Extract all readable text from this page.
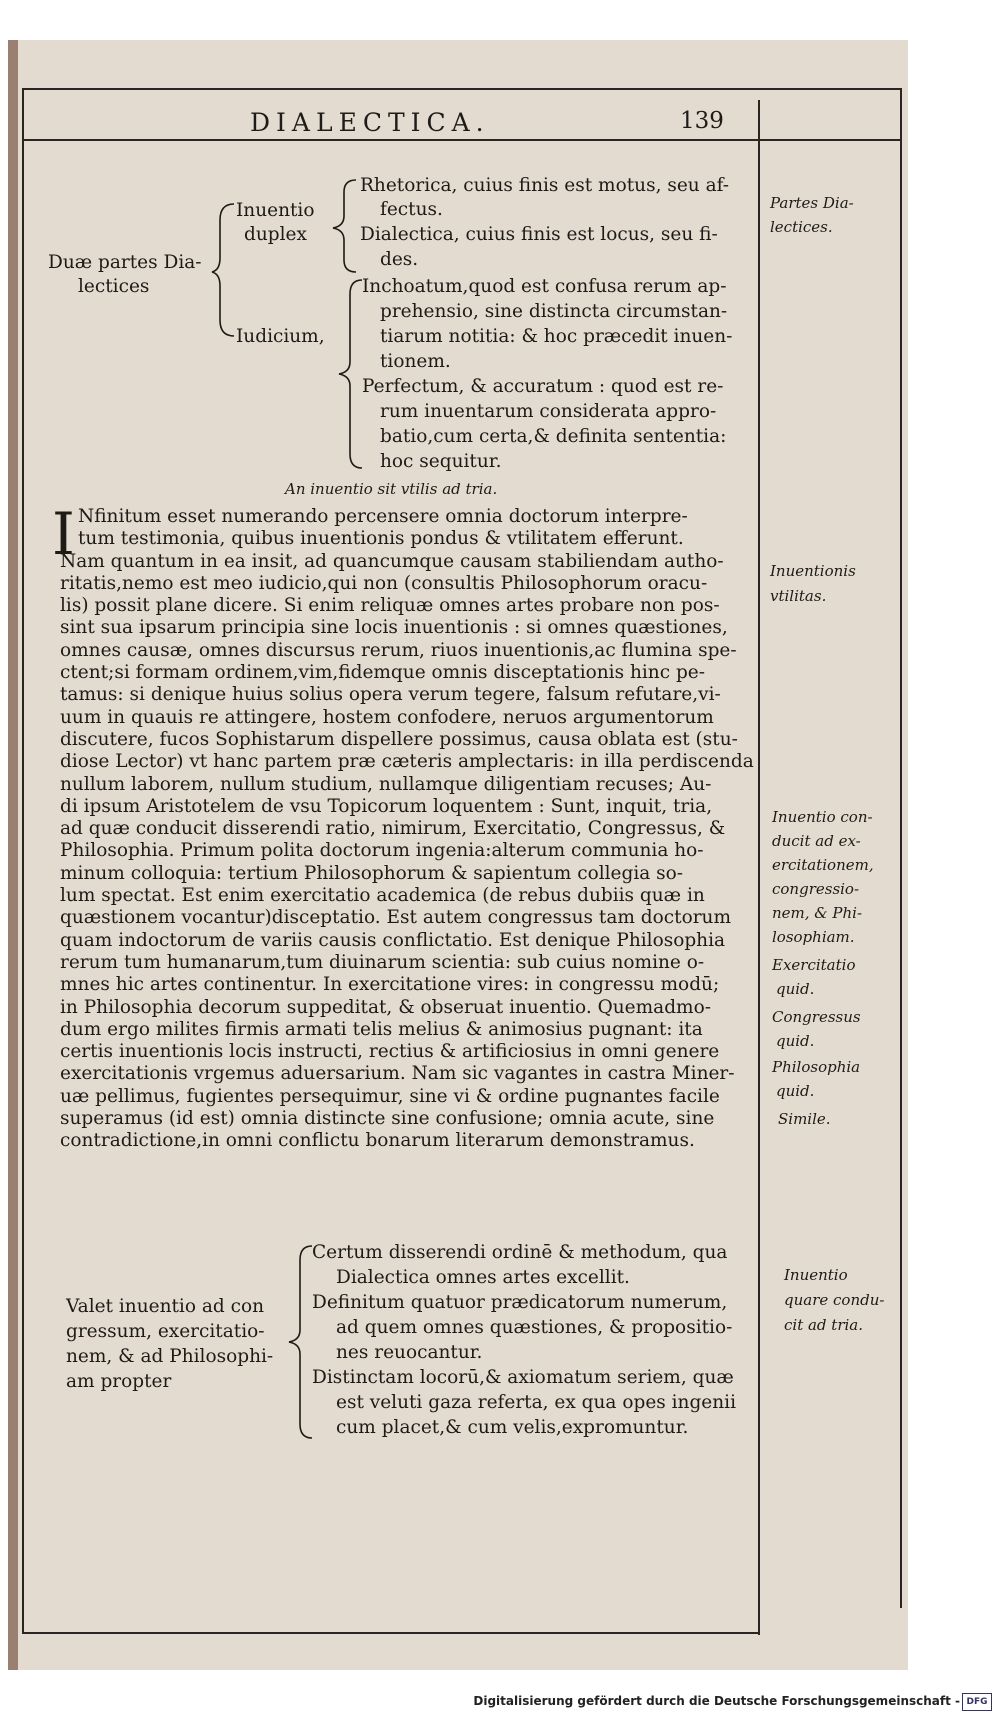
DIALECTICA.	139
Duæ partes Dia-
lectices
Inuentio
duplex
Rhetorica, cuius finis est motus, seu af-
fectus.
Dialectica, cuius finis est locus, seu fi-
des.
Iudicium,
Inchoatum,quod est confusa rerum ap-
prehensio, sine distincta circumstan-
tiarum notitia: & hoc præcedit inuen-
tionem.
Perfectum, & accuratum : quod est re-
rum inuentarum considerata appro-
batio,cum certa,& definita sententia:
hoc sequitur.
An inuentio sit vtilis ad tria.
I Nfinitum esset numerando percensere omnia doctorum interpre-
tum testimonia, quibus inuentionis pondus & vtilitatem efferunt.
Nam quantum in ea insit, ad quancumque causam stabiliendam autho-
ritatis,nemo est meo iudicio,qui non (consultis Philosophorum oracu-
lis) possit plane dicere. Si enim reliquæ omnes artes probare non pos-
sint sua ipsarum principia sine locis inuentionis : si omnes quæstiones,
omnes causæ, omnes discursus rerum, riuos inuentionis,ac flumina spe-
ctent;si formam ordinem,vim,fidemque omnis disceptationis hinc pe-
tamus: si denique huius solius opera verum tegere, falsum refutare,vi-
uum in quauis re attingere, hostem confodere, neruos argumentorum
discutere, fucos Sophistarum dispellere possimus, causa oblata est (stu-
diose Lector) vt hanc partem præ cæteris amplectaris: in illa perdiscenda
nullum laborem, nullum studium, nullamque diligentiam recuses; Au-
di ipsum Aristotelem de vsu Topicorum loquentem : Sunt, inquit, tria,
ad quæ conducit disserendi ratio, nimirum, Exercitatio, Congressus, &
Philosophia. Primum polita doctorum ingenia:alterum communia ho-
minum colloquia: tertium Philosophorum & sapientum collegia so-
lum spectat. Est enim exercitatio academica (de rebus dubiis quæ in
quæstionem vocantur)disceptatio. Est autem congressus tam doctorum
quam indoctorum de variis causis conflictatio. Est denique Philosophia
rerum tum humanarum,tum diuinarum scientia: sub cuius nomine o-
mnes hic artes continentur. In exercitatione vires: in congressu modū;
in Philosophia decorum suppeditat, & obseruat inuentio. Quemadmo-
dum ergo milites firmis armati telis melius & animosius pugnant: ita
certis inuentionis locis instructi, rectius & artificiosius in omni genere
exercitationis vrgemus aduersarium. Nam sic vagantes in castra Miner-
uæ pellimus, fugientes persequimur, sine vi & ordine pugnantes facile
superamus (id est) omnia distincte sine confusione; omnia acute, sine
contradictione,in omni conflictu bonarum literarum demonstramus.
Valet inuentio ad con
gressum, exercitatio-
nem, & ad Philosophi-
am propter
Certum disserendi ordinē & methodum, qua
Dialectica omnes artes excellit.
Definitum quatuor prædicatorum numerum,
ad quem omnes quæstiones, & propositio-
nes reuocantur.
Distinctam locorū,& axiomatum seriem, quæ
est veluti gaza referta, ex qua opes ingenii
cum placet,& cum velis,expromuntur.
Partes Dia-
lectices.
Inuentionis
vtilitas.
Inuentio con-
ducit ad ex-
ercitationem,
congressio-
nem, & Phi-
losophiam.
Exercitatio
quid.
Congressus
quid.
Philosophia
quid.
Simile.
Inuentio
quare condu-
cit ad tria.
Digitalisierung gefördert durch die Deutsche Forschungsgemeinschaft - DFG
